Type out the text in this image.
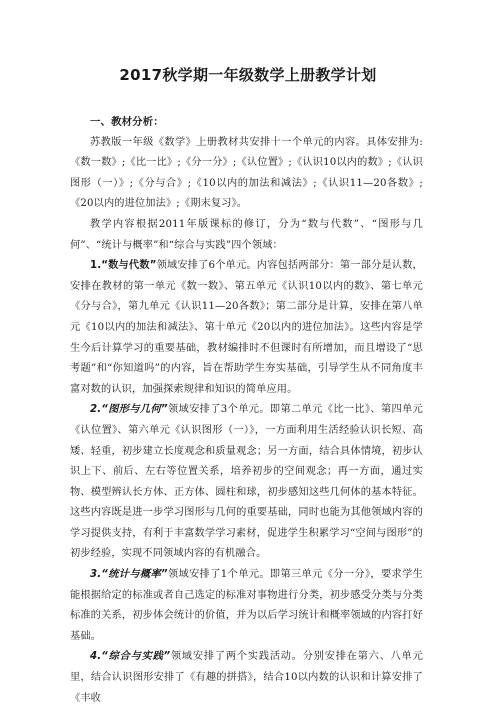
2017秋学期一年级数学上册教学计划
一、教材分析：

苏教版一年级《数学》上册教材共安排十一个单元的内容。具体安排为:《数一数》;《比一比》;《分一分》;《认位置》;《认识10以内的数》;《认识图形（一）》;《分与合》;《10以内的加法和减法》;《认识11—20各数》;《20以内的进位加法》;《期末复习》。

教学内容根据2011年版课标的修订，分为“数与代数”、“图形与几何”、“统计与概率”和“综合与实践”四个领域：

1.“数与代数”领域安排了6个单元。内容包括两部分：第一部分是认数，安排在教材的第一单元《数一数》、第五单元《认识10以内的数》、第七单元《分与合》，第九单元《认识11—20各数》；第二部分是计算，安排在第八单元《10以内的加法和减法》、第十单元《20以内的进位加法》。这些内容是学生今后计算学习的重要基础，教材编排时不但课时有所增加，而且增设了“思考题”和“你知道吗”的内容，旨在帮助学生夯实基础，引导学生从不同角度丰富对数的认识，加强探索规律和知识的简单应用。

2.“图形与几何”领域安排了3个单元。即第二单元《比一比》、第四单元《认位置》、第六单元《认识图形（一）》，一方面利用生活经验认识长短、高矮、轻重，初步建立长度观念和质量观念；另一方面，结合具体情境，初步认识上下、前后、左右等位置关系，培养初步的空间观念；再一方面，通过实物、模型辨认长方体、正方体、圆柱和球，初步感知这些几何体的基本特征。这些内容既是进一步学习图形与几何的重要基础，同时也能为其他领域内容的学习提供支持，有利于丰富数学学习素材，促进学生积累学习“空间与图形”的初步经验，实现不同领域内容的有机融合。

3.“统计与概率”领域安排了1个单元。即第三单元《分一分》，要求学生能根据给定的标准或者自己选定的标准对事物进行分类，初步感受分类与分类标准的关系，初步体会统计的价值，并为以后学习统计和概率领域的内容打好基础。

4.“综合与实践”领域安排了两个实践活动。分别安排在第六、八单元里，结合认识图形安排了《有趣的拼搭》，结合10以内数的认识和计算安排了《丰收
